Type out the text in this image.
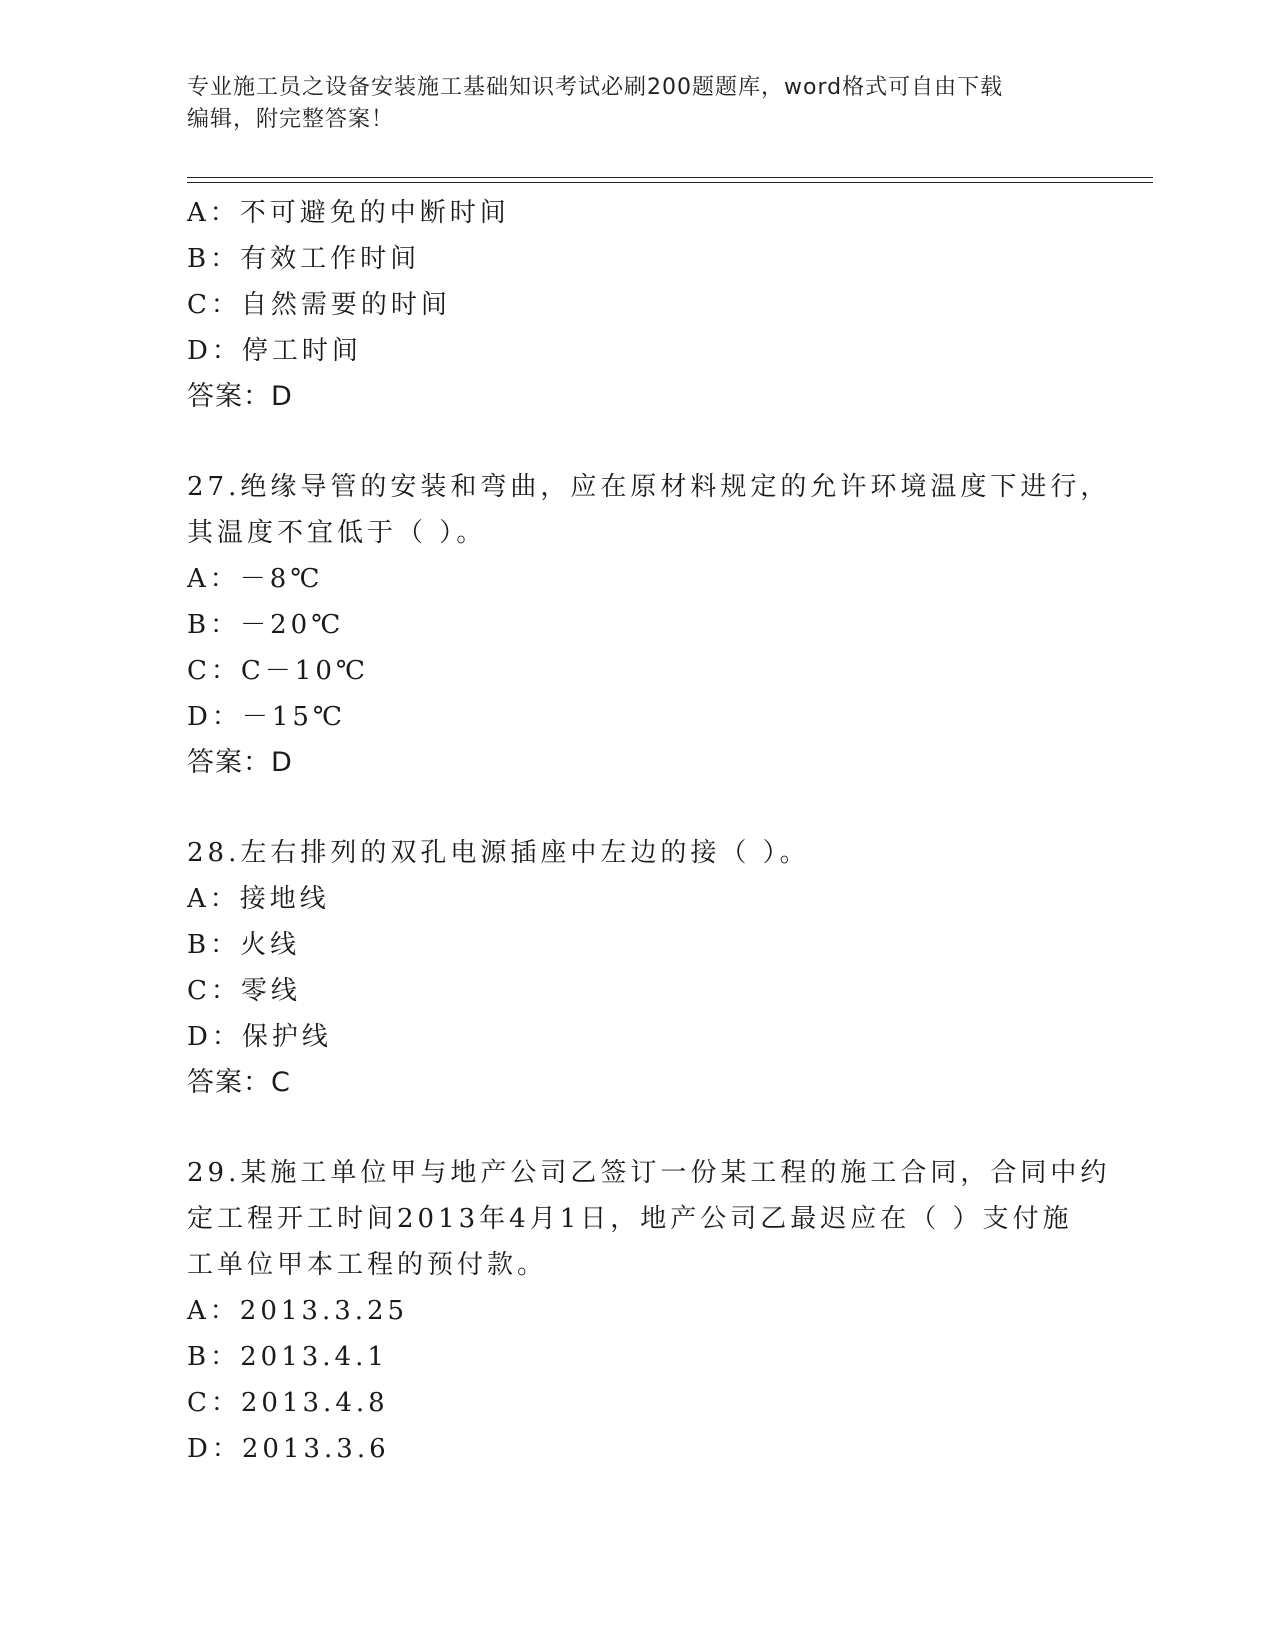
专业施工员之设备安装施工基础知识考试必刷200题题库，word格式可自由下载
编辑，附完整答案！
A：不可避免的中断时间
B：有效工作时间
C：自然需要的时间
D：停工时间
答案：D
27.绝缘导管的安装和弯曲，应在原材料规定的允许环境温度下进行，
其温度不宜低于（ ）。
A：－8℃
B：－20℃
C：C－10℃
D：－15℃
答案：D
28.左右排列的双孔电源插座中左边的接（ ）。
A：接地线
B：火线
C：零线
D：保护线
答案：C
29.某施工单位甲与地产公司乙签订一份某工程的施工合同，合同中约
定工程开工时间2013年4月1日，地产公司乙最迟应在（ ）支付施
工单位甲本工程的预付款。
A：2013.3.25
B：2013.4.1
C：2013.4.8
D：2013.3.6
